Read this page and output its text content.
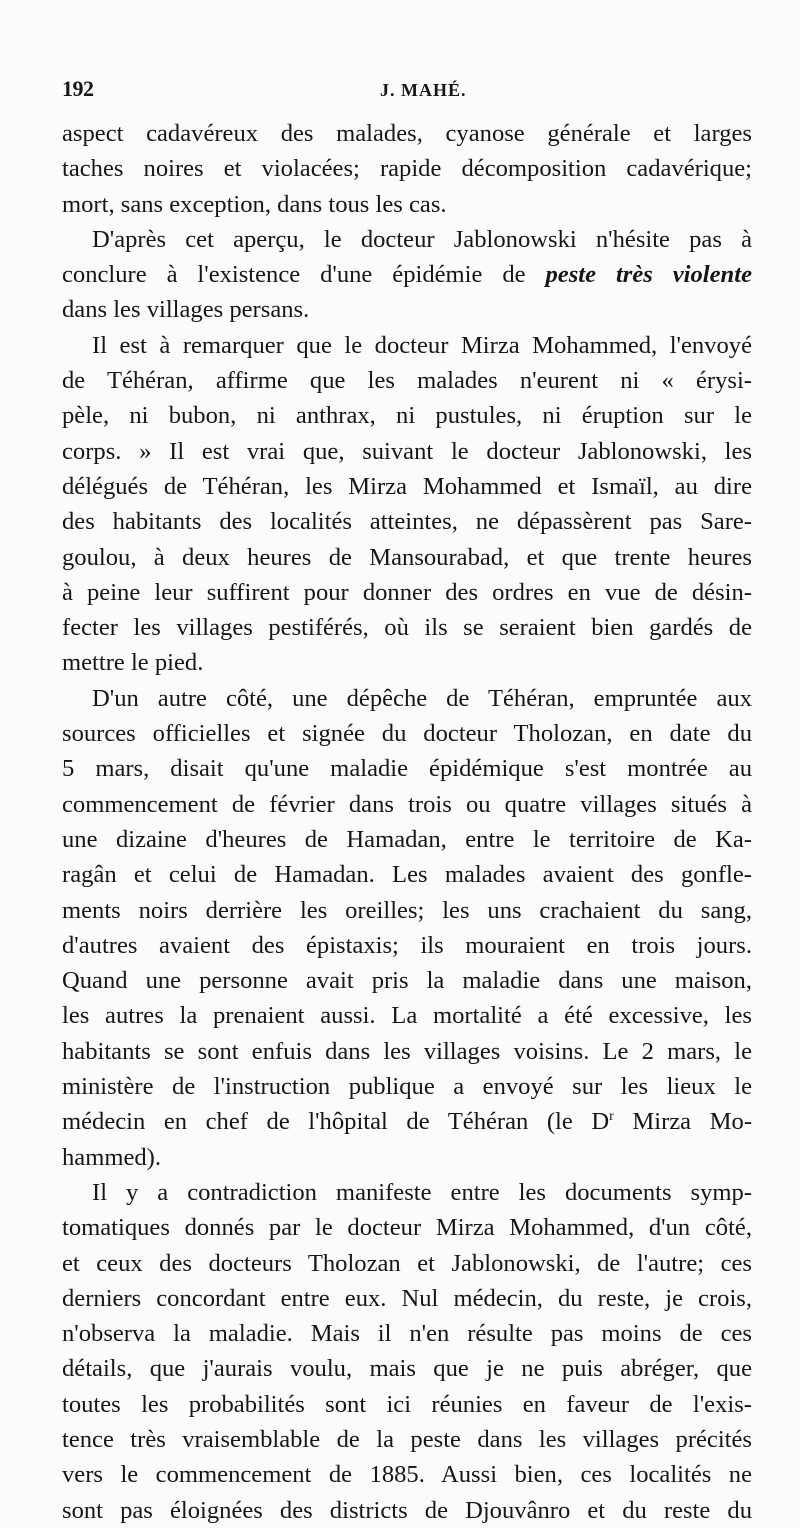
192	J. MAHÉ.
aspect cadavéreux des malades, cyanose générale et larges
taches noires et violacées; rapide décomposition cadavérique;
mort, sans exception, dans tous les cas.
D'après cet aperçu, le docteur Jablonowski n'hésite pas à
conclure à l'existence d'une épidémie de peste très violente
dans les villages persans.
Il est à remarquer que le docteur Mirza Mohammed, l'envoyé
de Téhéran, affirme que les malades n'eurent ni « érysi-
pèle, ni bubon, ni anthrax, ni pustules, ni éruption sur le
corps. » Il est vrai que, suivant le docteur Jablonowski, les
délégués de Téhéran, les Mirza Mohammed et Ismaïl, au dire
des habitants des localités atteintes, ne dépassèrent pas Sare-
goulou, à deux heures de Mansourabad, et que trente heures
à peine leur suffirent pour donner des ordres en vue de désin-
fecter les villages pestiférés, où ils se seraient bien gardés de
mettre le pied.
D'un autre côté, une dépêche de Téhéran, empruntée aux
sources officielles et signée du docteur Tholozan, en date du
5 mars, disait qu'une maladie épidémique s'est montrée au
commencement de février dans trois ou quatre villages situés à
une dizaine d'heures de Hamadan, entre le territoire de Ka-
ragân et celui de Hamadan. Les malades avaient des gonfle-
ments noirs derrière les oreilles; les uns crachaient du sang,
d'autres avaient des épistaxis; ils mouraient en trois jours.
Quand une personne avait pris la maladie dans une maison,
les autres la prenaient aussi. La mortalité a été excessive, les
habitants se sont enfuis dans les villages voisins. Le 2 mars, le
ministère de l'instruction publique a envoyé sur les lieux le
médecin en chef de l'hôpital de Téhéran (le $D^r$ Mirza Mo-
hammed).
Il y a contradiction manifeste entre les documents symp-
tomatiques donnés par le docteur Mirza Mohammed, d'un côté,
et ceux des docteurs Tholozan et Jablonowski, de l'autre; ces
derniers concordant entre eux. Nul médecin, du reste, je crois,
n'observa la maladie. Mais il n'en résulte pas moins de ces
détails, que j'aurais voulu, mais que je ne puis abréger, que
toutes les probabilités sont ici réunies en faveur de l'exis-
tence très vraisemblable de la peste dans les villages précités
vers le commencement de 1885. Aussi bien, ces localités ne
sont pas éloignées des districts de Djouvânro et du reste du
